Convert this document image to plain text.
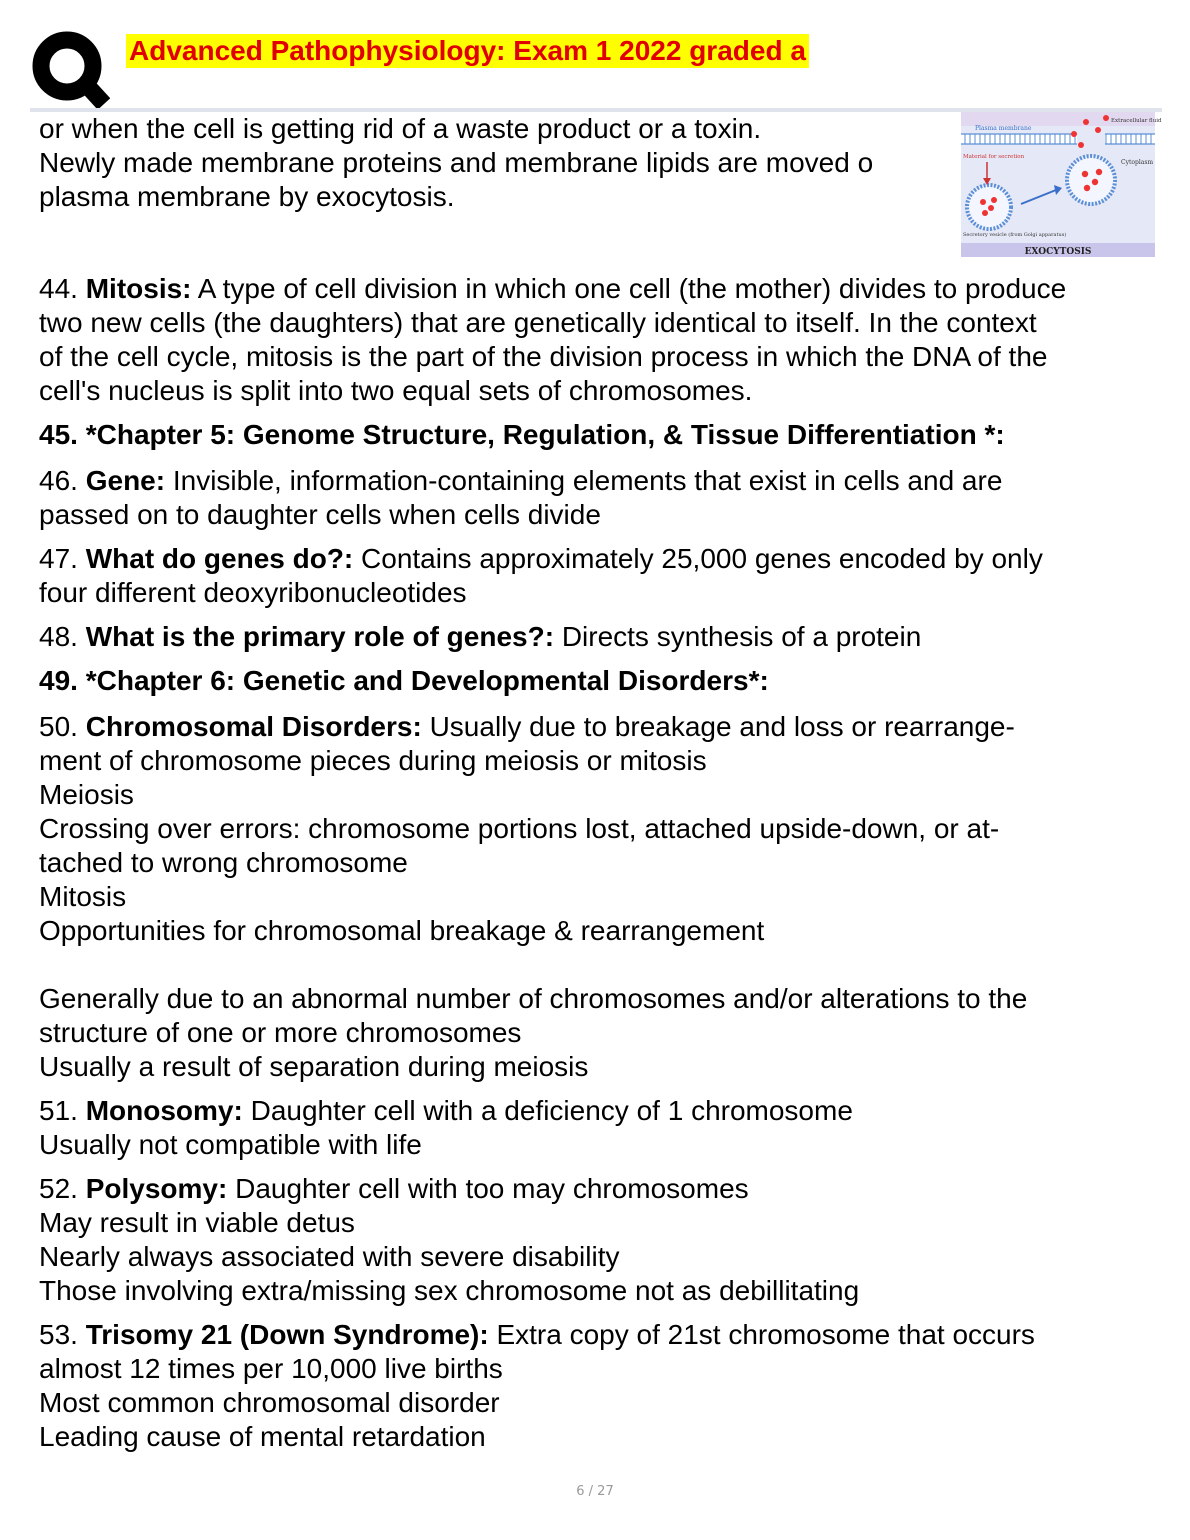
Advanced Pathophysiology: Exam 1 2022 graded a
or when the cell is getting rid of a waste product or a toxin.
Newly made membrane proteins and membrane lipids are moved o
plasma membrane by exocytosis.
Plasma membrane
Extracellular fluid
Cytoplasm
Material for secretion
Secretory vesicle (from Golgi apparatus)
EXOCYTOSIS
44. Mitosis: A type of cell division in which one cell (the mother) divides to produce
two new cells (the daughters) that are genetically identical to itself. In the context
of the cell cycle, mitosis is the part of the division process in which the DNA of the
cell's nucleus is split into two equal sets of chromosomes.
45. *Chapter 5: Genome Structure, Regulation, & Tissue Differentiation *:
46. Gene: Invisible, information-containing elements that exist in cells and are
passed on to daughter cells when cells divide
47. What do genes do?: Contains approximately 25,000 genes encoded by only
four different deoxyribonucleotides
48. What is the primary role of genes?: Directs synthesis of a protein
49. *Chapter 6: Genetic and Developmental Disorders*:
50. Chromosomal Disorders: Usually due to breakage and loss or rearrange-
ment of chromosome pieces during meiosis or mitosis
Meiosis
Crossing over errors: chromosome portions lost, attached upside-down, or at-
tached to wrong chromosome
Mitosis
Opportunities for chromosomal breakage & rearrangement
Generally due to an abnormal number of chromosomes and/or alterations to the
structure of one or more chromosomes
Usually a result of separation during meiosis
51. Monosomy: Daughter cell with a deficiency of 1 chromosome
Usually not compatible with life
52. Polysomy: Daughter cell with too may chromosomes
May result in viable detus
Nearly always associated with severe disability
Those involving extra/missing sex chromosome not as debillitating
53. Trisomy 21 (Down Syndrome): Extra copy of 21st chromosome that occurs
almost 12 times per 10,000 live births
Most common chromosomal disorder
Leading cause of mental retardation
6 / 27
